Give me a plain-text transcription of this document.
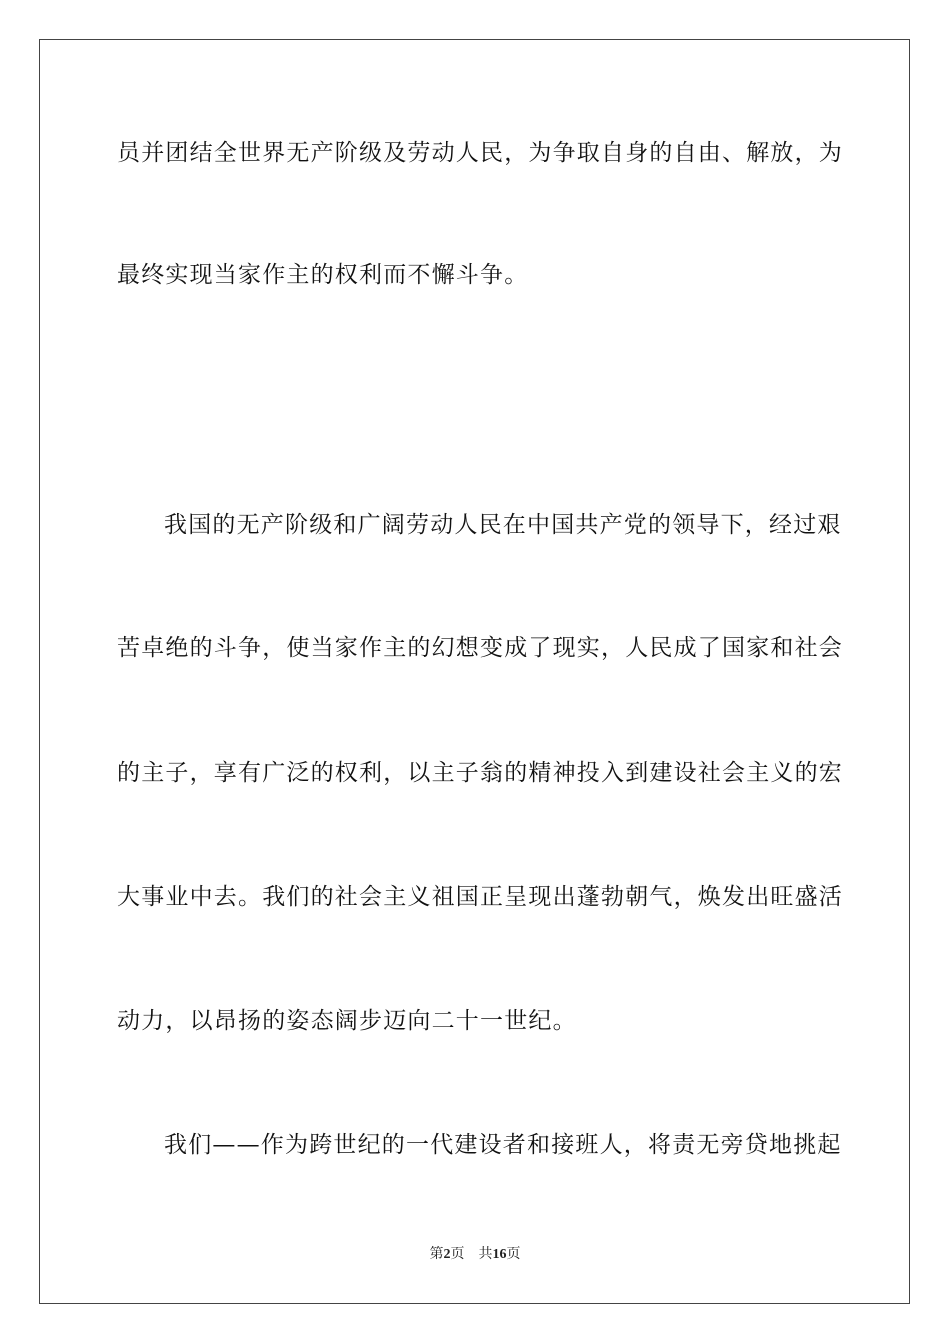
员并团结全世界无产阶级及劳动人民，为争取自身的自由、解放，为
最终实现当家作主的权利而不懈斗争。
我国的无产阶级和广阔劳动人民在中国共产党的领导下，经过艰
苦卓绝的斗争，使当家作主的幻想变成了现实，人民成了国家和社会
的主子，享有广泛的权利，以主子翁的精神投入到建设社会主义的宏
大事业中去。我们的社会主义祖国正呈现出蓬勃朝气，焕发出旺盛活
动力，以昂扬的姿态阔步迈向二十一世纪。
我们——作为跨世纪的一代建设者和接班人，将责无旁贷地挑起
第2页 共16页
